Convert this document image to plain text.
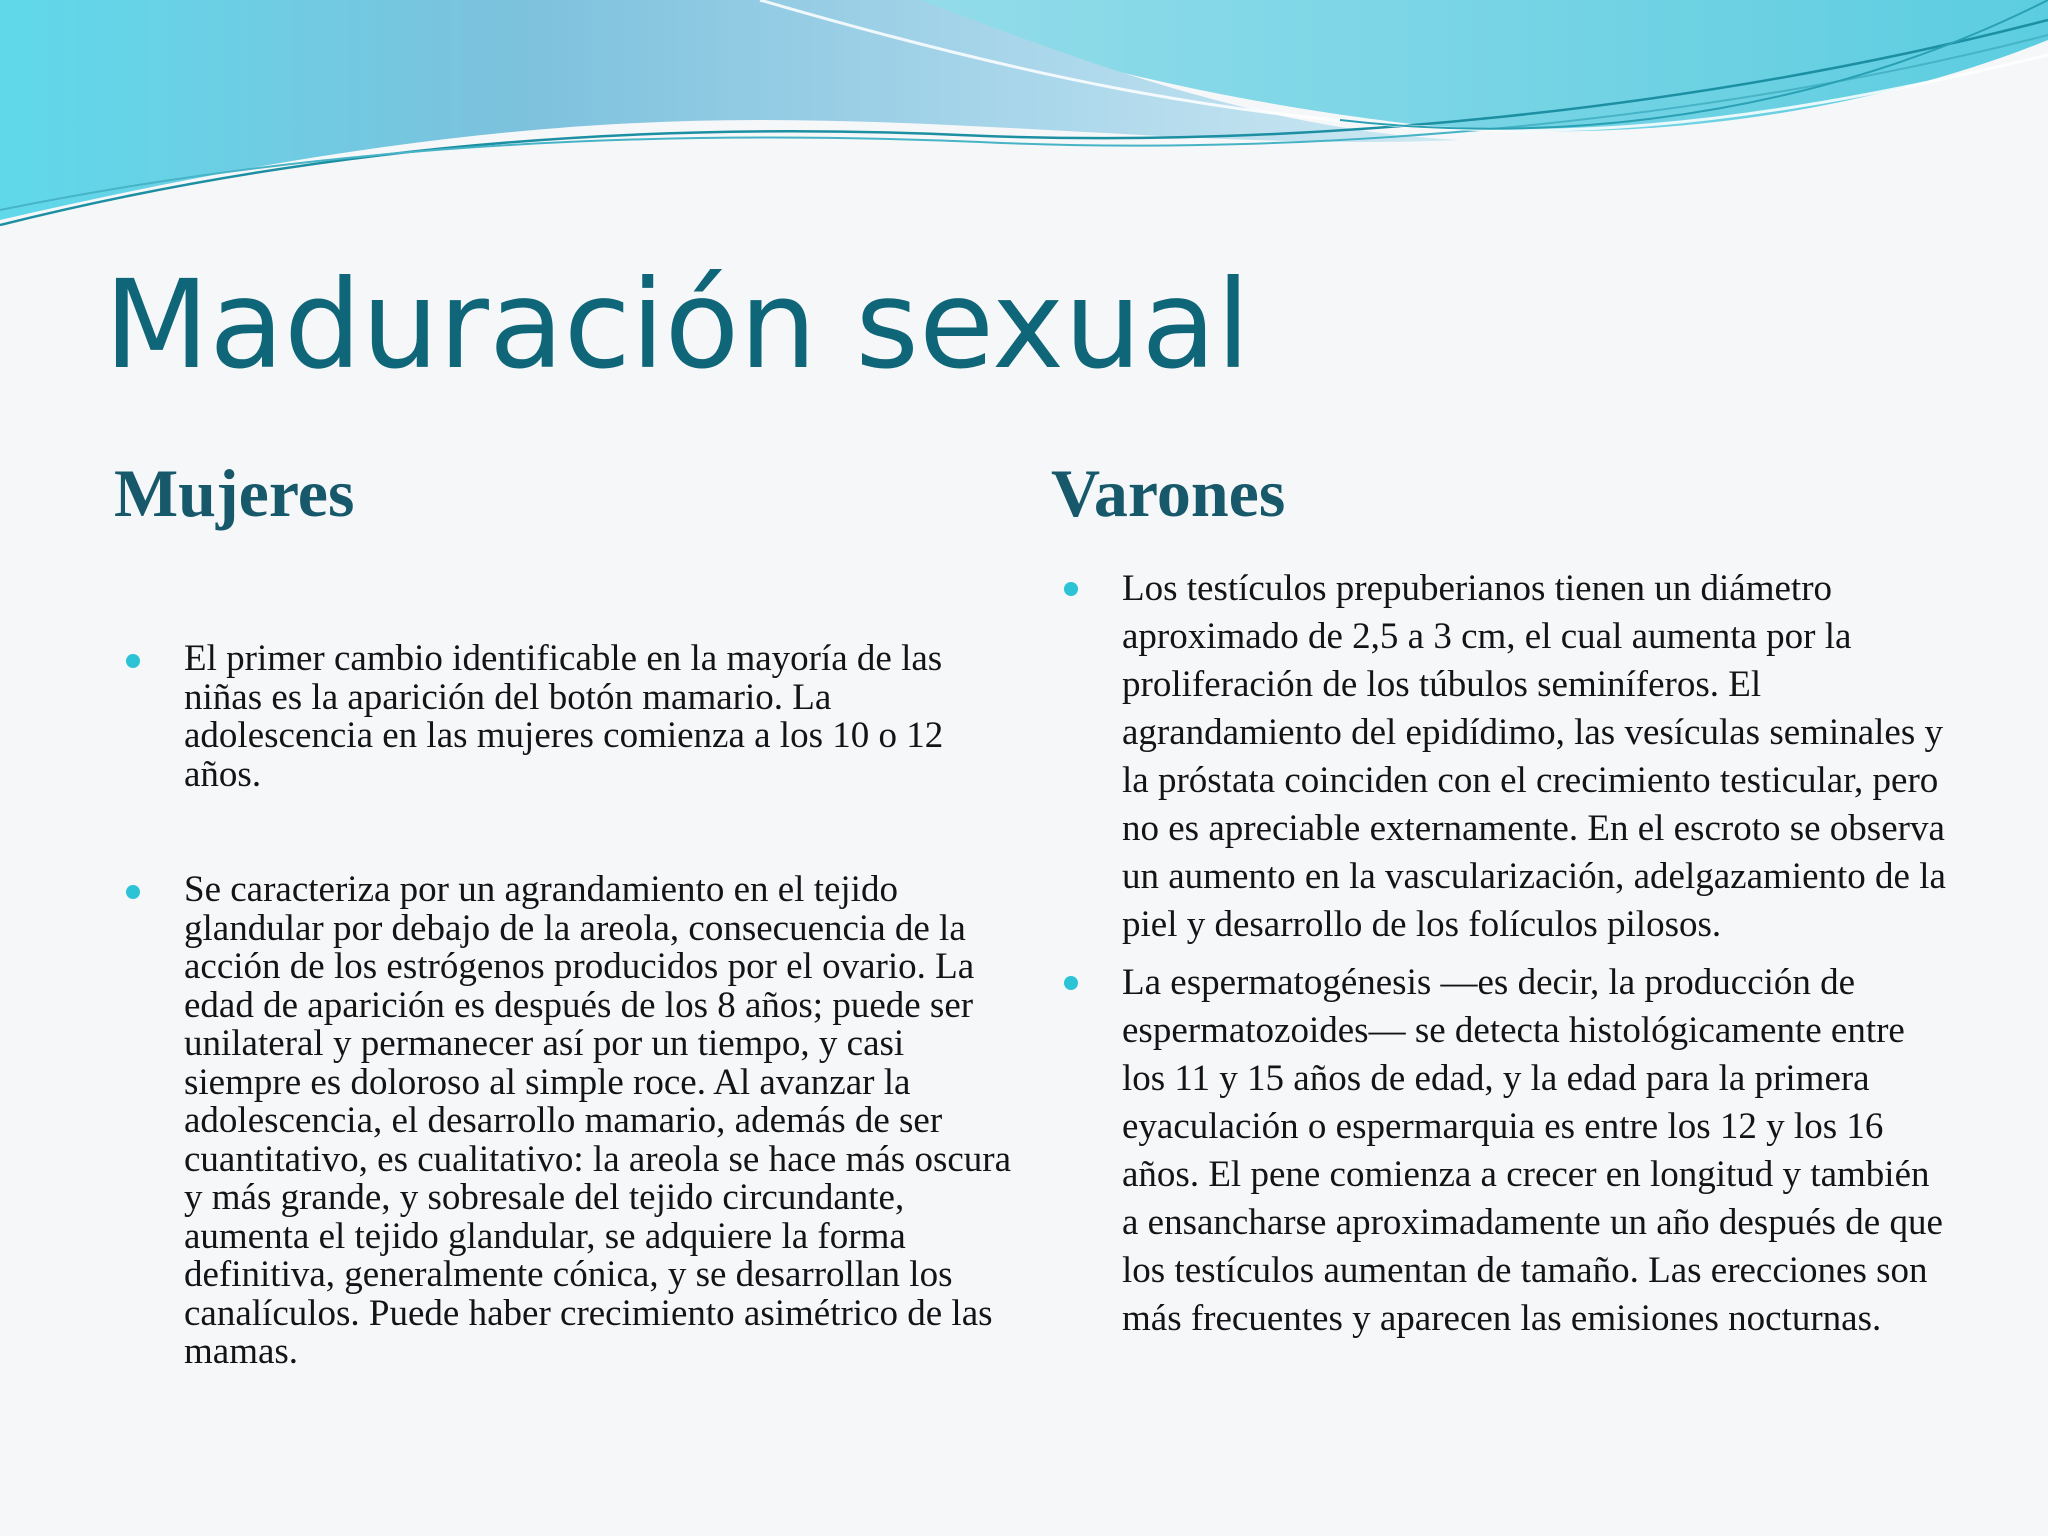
Maduración sexual
Mujeres	Varones
El primer cambio identificable en la mayoría de las niñas es la aparición del botón mamario. La adolescencia en las mujeres comienza a los 10 o 12 años.
Se caracteriza por un agrandamiento en el tejido glandular por debajo de la areola, consecuencia de la acción de los estrógenos producidos por el ovario. La edad de aparición es después de los 8 años; puede ser unilateral y permanecer así por un tiempo, y casi siempre es doloroso al simple roce. Al avanzar la adolescencia, el desarrollo mamario, además de ser cuantitativo, es cualitativo: la areola se hace más oscura y más grande, y sobresale del tejido circundante, aumenta el tejido glandular, se adquiere la forma definitiva, generalmente cónica, y se desarrollan los canalículos. Puede haber crecimiento asimétrico de las mamas.
Los testículos prepuberianos tienen un diámetro aproximado de 2,5 a 3 cm, el cual aumenta por la proliferación de los túbulos seminíferos. El agrandamiento del epidídimo, las vesículas seminales y la próstata coinciden con el crecimiento testicular, pero no es apreciable externamente. En el escroto se observa un aumento en la vascularización, adelgazamiento de la piel y desarrollo de los folículos pilosos.
La espermatogénesis —es decir, la producción de espermatozoides— se detecta histológicamente entre los 11 y 15 años de edad, y la edad para la primera eyaculación o espermarquia es entre los 12 y los 16 años. El pene comienza a crecer en longitud y también a ensancharse aproximadamente un año después de que los testículos aumentan de tamaño. Las erecciones son más frecuentes y aparecen las emisiones nocturnas.
